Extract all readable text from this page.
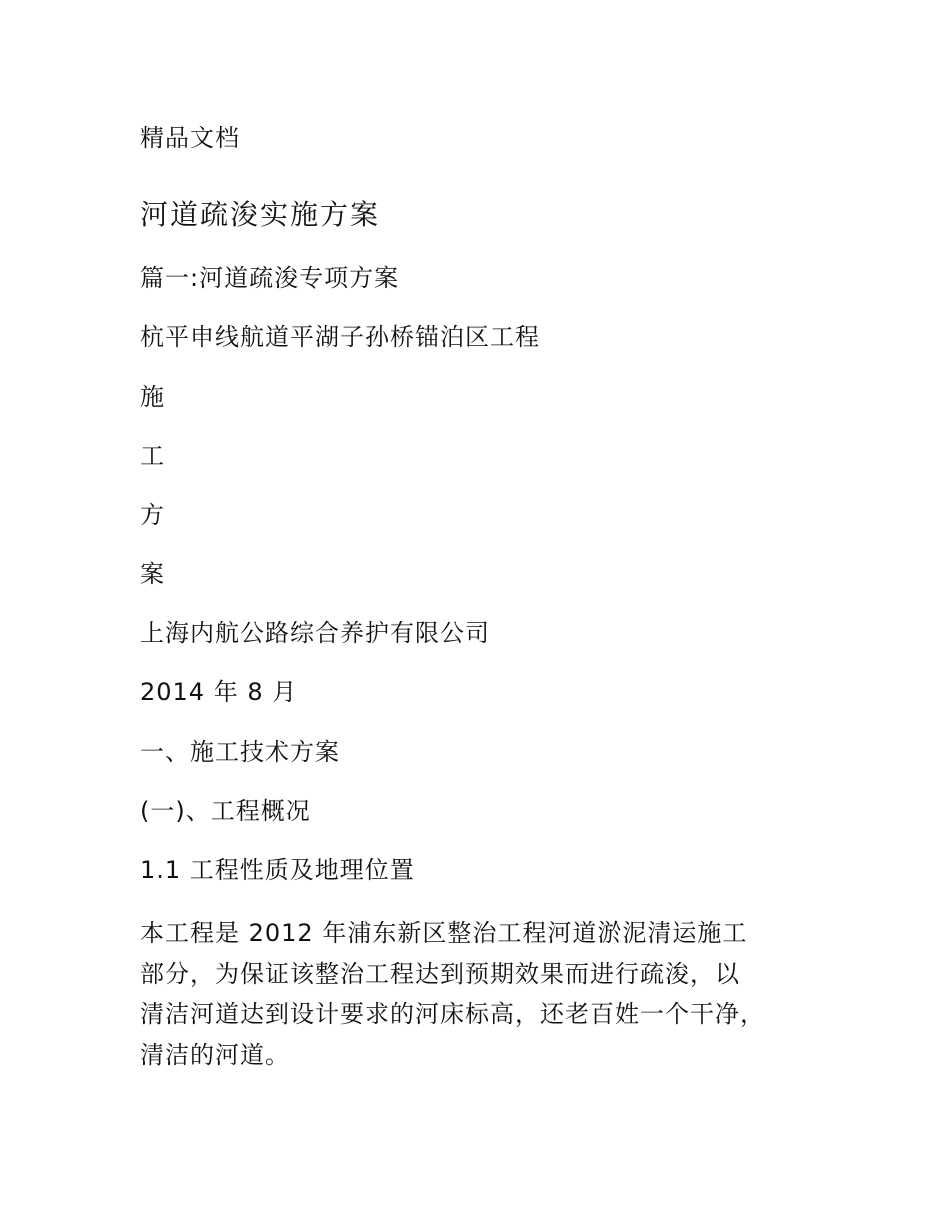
精品文档
河道疏浚实施方案
篇一:河道疏浚专项方案
杭平申线航道平湖子孙桥锚泊区工程
施
工
方
案
上海内航公路综合养护有限公司
2014 年 8 月
一、施工技术方案
(一)、工程概况
1.1 工程性质及地理位置
本工程是 2012 年浦东新区整治工程河道淤泥清运施工
部分，为保证该整治工程达到预期效果而进行疏浚，以
清洁河道达到设计要求的河床标高，还老百姓一个干净，
清洁的河道。
